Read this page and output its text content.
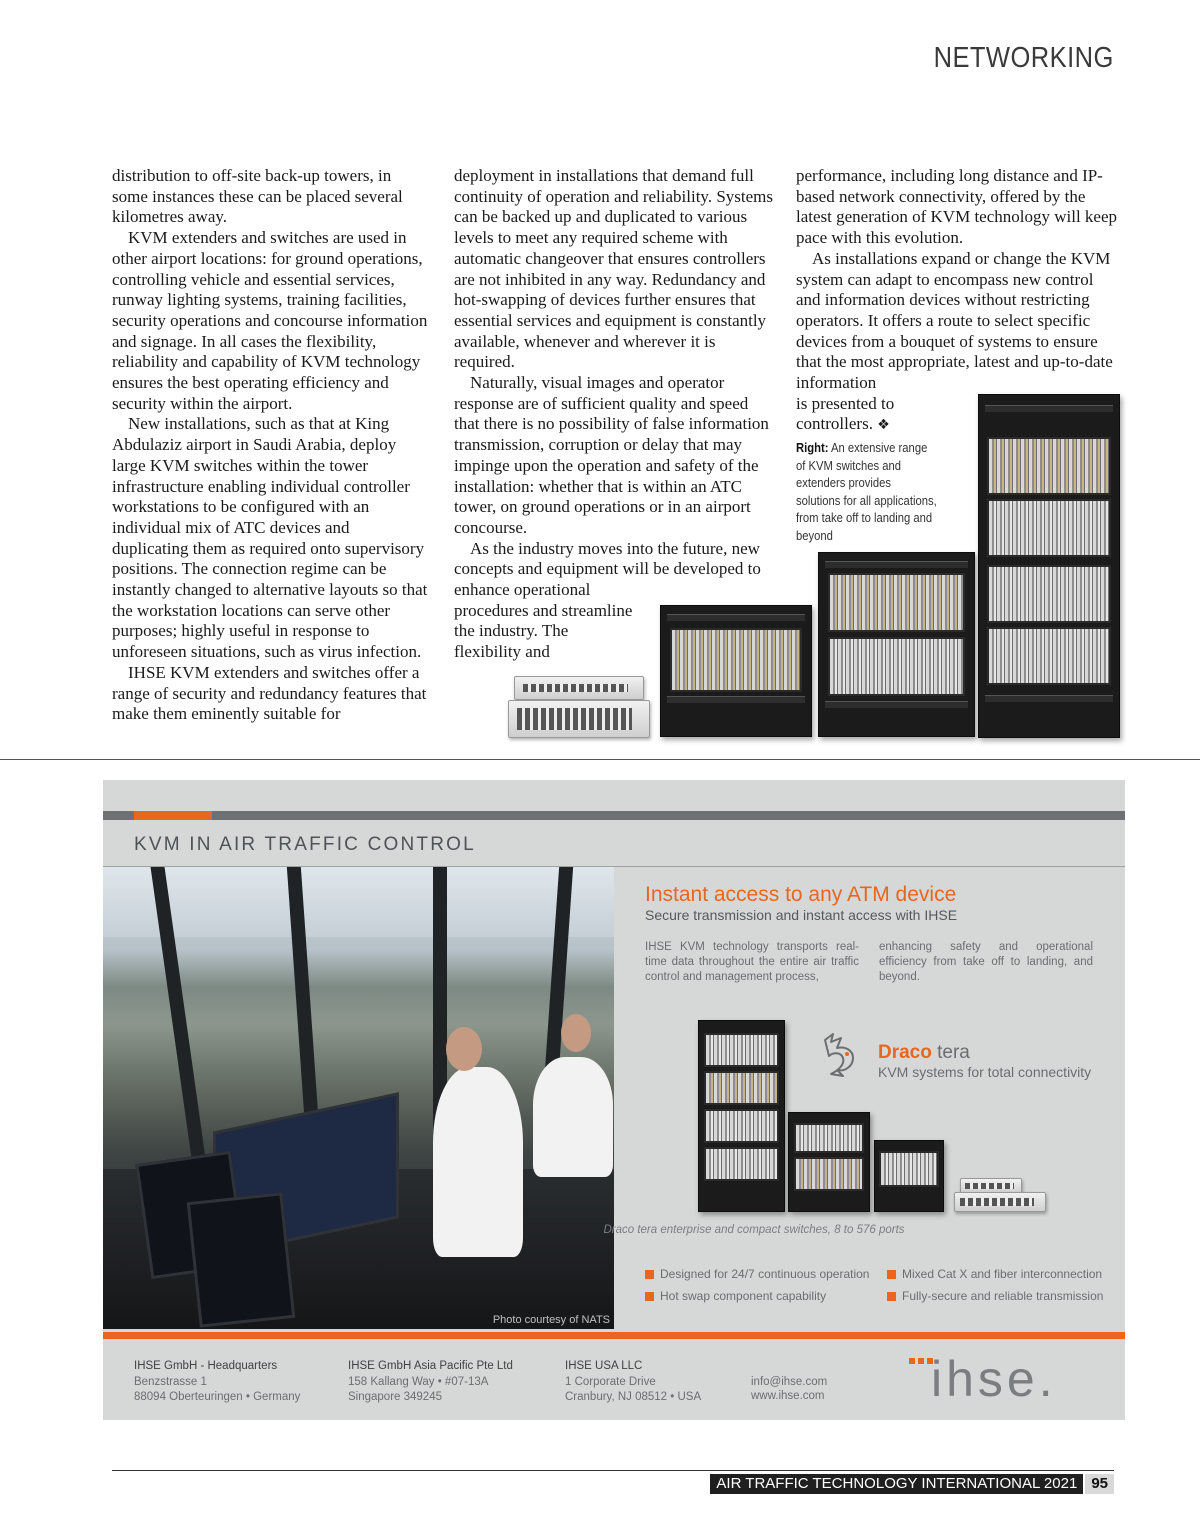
NETWORKING

distribution to off-site back-up towers, in some instances these can be placed several kilometres away.

KVM extenders and switches are used in other airport locations: for ground operations, controlling vehicle and essential services, runway lighting systems, training facilities, security operations and concourse information and signage. In all cases the flexibility, reliability and capability of KVM technology ensures the best operating efficiency and security within the airport.

New installations, such as that at King Abdulaziz airport in Saudi Arabia, deploy large KVM switches within the tower infrastructure enabling individual controller workstations to be configured with an individual mix of ATC devices and duplicating them as required onto supervisory positions. The connection regime can be instantly changed to alternative layouts so that the workstation locations can serve other purposes; highly useful in response to unforeseen situations, such as virus infection.

IHSE KVM extenders and switches offer a range of security and redundancy features that make them eminently suitable for

deployment in installations that demand full continuity of operation and reliability. Systems can be backed up and duplicated to various levels to meet any required scheme with automatic changeover that ensures controllers are not inhibited in any way. Redundancy and hot-swapping of devices further ensures that essential services and equipment is constantly available, whenever and wherever it is required.

Naturally, visual images and operator response are of sufficient quality and speed that there is no possibility of false information transmission, corruption or delay that may impinge upon the operation and safety of the installation: whether that is within an ATC tower, on ground operations or in an airport concourse.

As the industry moves into the future, new concepts and equipment will be developed to enhance operational

procedures and streamline

the industry. The

flexibility and

performance, including long distance and IP-based network connectivity, offered by the latest generation of KVM technology will keep pace with this evolution.

As installations expand or change the KVM system can adapt to encompass new control and information devices without restricting operators. It offers a route to select specific devices from a bouquet of systems to ensure that the most appropriate, latest and up-to-date information

is presented to

controllers. ❖

Right: An extensive range of KVM switches and extenders provides solutions for all applications, from take off to landing and beyond
KVM IN AIR TRAFFIC CONTROL
Photo courtesy of NATS
Instant access to any ATM device
Secure transmission and instant access with IHSE
IHSE KVM technology transports real-time data throughout the entire air traffic control and management process,
enhancing safety and operational efficiency from take off to landing, and beyond.
Draco tera
KVM systems for total connectivity
Draco tera enterprise and compact switches, 8 to 576 ports
Designed for 24/7 continuous operation	Mixed Cat X and fiber interconnection
Hot swap component capability	Fully-secure and reliable transmission
IHSE GmbH - Headquarters
Benzstrasse 1
88094 Oberteuringen • Germany
IHSE GmbH Asia Pacific Pte Ltd
158 Kallang Way • #07-13A
Singapore 349245
IHSE USA LLC
1 Corporate Drive
Cranbury, NJ 08512 • USA
info@ihse.com
www.ihse.com ihse.
AIR TRAFFIC TECHNOLOGY INTERNATIONAL 2021 95
